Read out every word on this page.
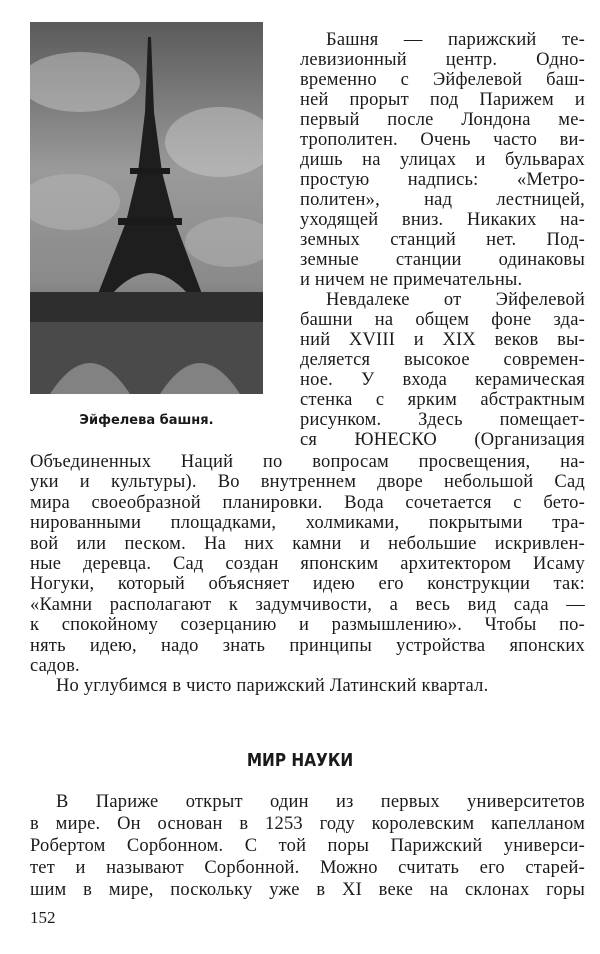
Эйфелева башня.
Башня — парижский те-
левизионный центр. Одно-
временно с Эйфелевой баш-
ней прорыт под Парижем и
первый после Лондона ме-
трополитен. Очень часто ви-
дишь на улицах и бульварах
простую надпись: «Метро-
политен», над лестницей,
уходящей вниз. Никаких на-
земных станций нет. Под-
земные станции одинаковы
и ничем не примечательны.
Невдалеке от Эйфелевой
башни на общем фоне зда-
ний XVIII и XIX веков вы-
деляется высокое современ-
ное. У входа керамическая
стенка с ярким абстрактным
рисунком. Здесь помещает-
ся ЮНЕСКО (Организация
Объединенных Наций по вопросам просвещения, на-
уки и культуры). Во внутреннем дворе небольшой Сад
мира своеобразной планировки. Вода сочетается с бето-
нированными площадками, холмиками, покрытыми тра-
вой или песком. На них камни и небольшие искривлен-
ные деревца. Сад создан японским архитектором Исаму
Ногуки, который объясняет идею его конструкции так:
«Камни располагают к задумчивости, а весь вид сада —
к спокойному созерцанию и размышлению». Чтобы по-
нять идею, надо знать принципы устройства японских
садов.
Но углубимся в чисто парижский Латинский квартал.
В Париже открыт один из первых университетов
в мире. Он основан в 1253 году королевским капелланом
Робертом Сорбонном. С той поры Парижский универси-
тет и называют Сорбонной. Можно считать его старей-
шим в мире, поскольку уже в XI веке на склонах горы
МИР НАУКИ
152
